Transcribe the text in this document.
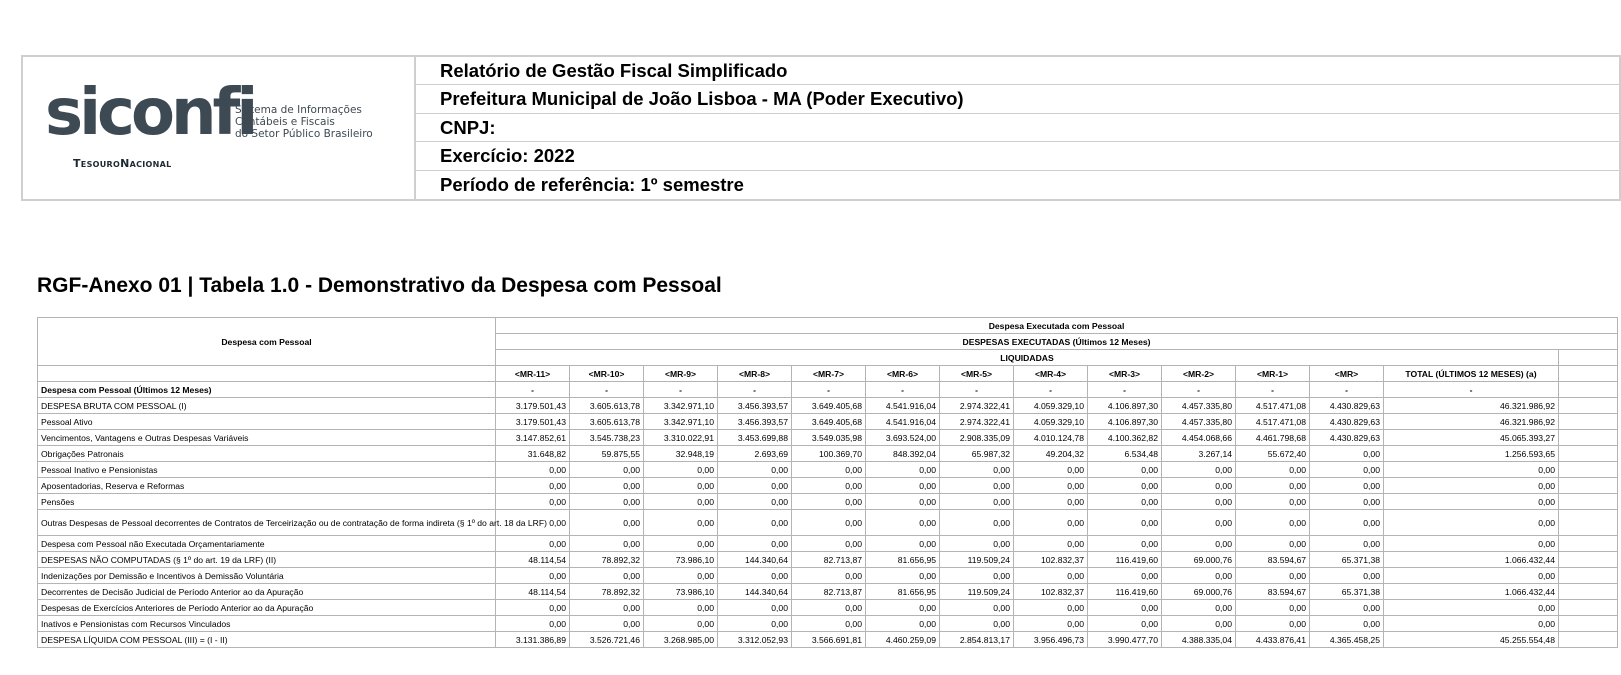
siconfi
Sistema de Informações
Contábeis e Fiscais
do Setor Público Brasileiro
TesouroNacional
Relatório de Gestão Fiscal Simplificado
Prefeitura Municipal de João Lisboa - MA (Poder Executivo)
CNPJ:
Exercício: 2022
Período de referência: 1º semestre
RGF-Anexo 01 | Tabela 1.0 - Demonstrativo da Despesa com Pessoal
Despesa com Pessoal	Despesa Executada com Pessoal													
	DESPESAS EXECUTADAS (Últimos 12 Meses)													
	LIQUIDADAS													
	<MR-11>	<MR-10>	<MR-9>	<MR-8>	<MR-7>	<MR-6>	<MR-5>	<MR-4>	<MR-3>	<MR-2>	<MR-1>	<MR>	TOTAL (ÚLTIMOS 12 MESES) (a)	
Despesa com Pessoal (Últimos 12 Meses)	-	-	-	-	-	-	-	-	-	-	-	-	-	
DESPESA BRUTA COM PESSOAL (I)	3.179.501,43	3.605.613,78	3.342.971,10	3.456.393,57	3.649.405,68	4.541.916,04	2.974.322,41	4.059.329,10	4.106.897,30	4.457.335,80	4.517.471,08	4.430.829,63	46.321.986,92	
Pessoal Ativo	3.179.501,43	3.605.613,78	3.342.971,10	3.456.393,57	3.649.405,68	4.541.916,04	2.974.322,41	4.059.329,10	4.106.897,30	4.457.335,80	4.517.471,08	4.430.829,63	46.321.986,92	
Vencimentos, Vantagens e Outras Despesas Variáveis	3.147.852,61	3.545.738,23	3.310.022,91	3.453.699,88	3.549.035,98	3.693.524,00	2.908.335,09	4.010.124,78	4.100.362,82	4.454.068,66	4.461.798,68	4.430.829,63	45.065.393,27	
Obrigações Patronais	31.648,82	59.875,55	32.948,19	2.693,69	100.369,70	848.392,04	65.987,32	49.204,32	6.534,48	3.267,14	55.672,40	0,00	1.256.593,65	
Pessoal Inativo e Pensionistas	0,00	0,00	0,00	0,00	0,00	0,00	0,00	0,00	0,00	0,00	0,00	0,00	0,00	
Aposentadorias, Reserva e Reformas	0,00	0,00	0,00	0,00	0,00	0,00	0,00	0,00	0,00	0,00	0,00	0,00	0,00	
Pensões	0,00	0,00	0,00	0,00	0,00	0,00	0,00	0,00	0,00	0,00	0,00	0,00	0,00	
Outras Despesas de Pessoal decorrentes de Contratos de Terceirização ou de contratação de forma indireta (§ 1º do art. 18 da LRF)	0,00	0,00	0,00	0,00	0,00	0,00	0,00	0,00	0,00	0,00	0,00	0,00	0,00	
Despesa com Pessoal não Executada Orçamentariamente	0,00	0,00	0,00	0,00	0,00	0,00	0,00	0,00	0,00	0,00	0,00	0,00	0,00	
DESPESAS NÃO COMPUTADAS (§ 1º do art. 19 da LRF) (II)	48.114,54	78.892,32	73.986,10	144.340,64	82.713,87	81.656,95	119.509,24	102.832,37	116.419,60	69.000,76	83.594,67	65.371,38	1.066.432,44	
Indenizações por Demissão e Incentivos à Demissão Voluntária	0,00	0,00	0,00	0,00	0,00	0,00	0,00	0,00	0,00	0,00	0,00	0,00	0,00	
Decorrentes de Decisão Judicial de Período Anterior ao da Apuração	48.114,54	78.892,32	73.986,10	144.340,64	82.713,87	81.656,95	119.509,24	102.832,37	116.419,60	69.000,76	83.594,67	65.371,38	1.066.432,44	
Despesas de Exercícios Anteriores de Período Anterior ao da Apuração	0,00	0,00	0,00	0,00	0,00	0,00	0,00	0,00	0,00	0,00	0,00	0,00	0,00	
Inativos e Pensionistas com Recursos Vinculados	0,00	0,00	0,00	0,00	0,00	0,00	0,00	0,00	0,00	0,00	0,00	0,00	0,00	
DESPESA LÍQUIDA COM PESSOAL (III) = (I - II)	3.131.386,89	3.526.721,46	3.268.985,00	3.312.052,93	3.566.691,81	4.460.259,09	2.854.813,17	3.956.496,73	3.990.477,70	4.388.335,04	4.433.876,41	4.365.458,25	45.255.554,48	
